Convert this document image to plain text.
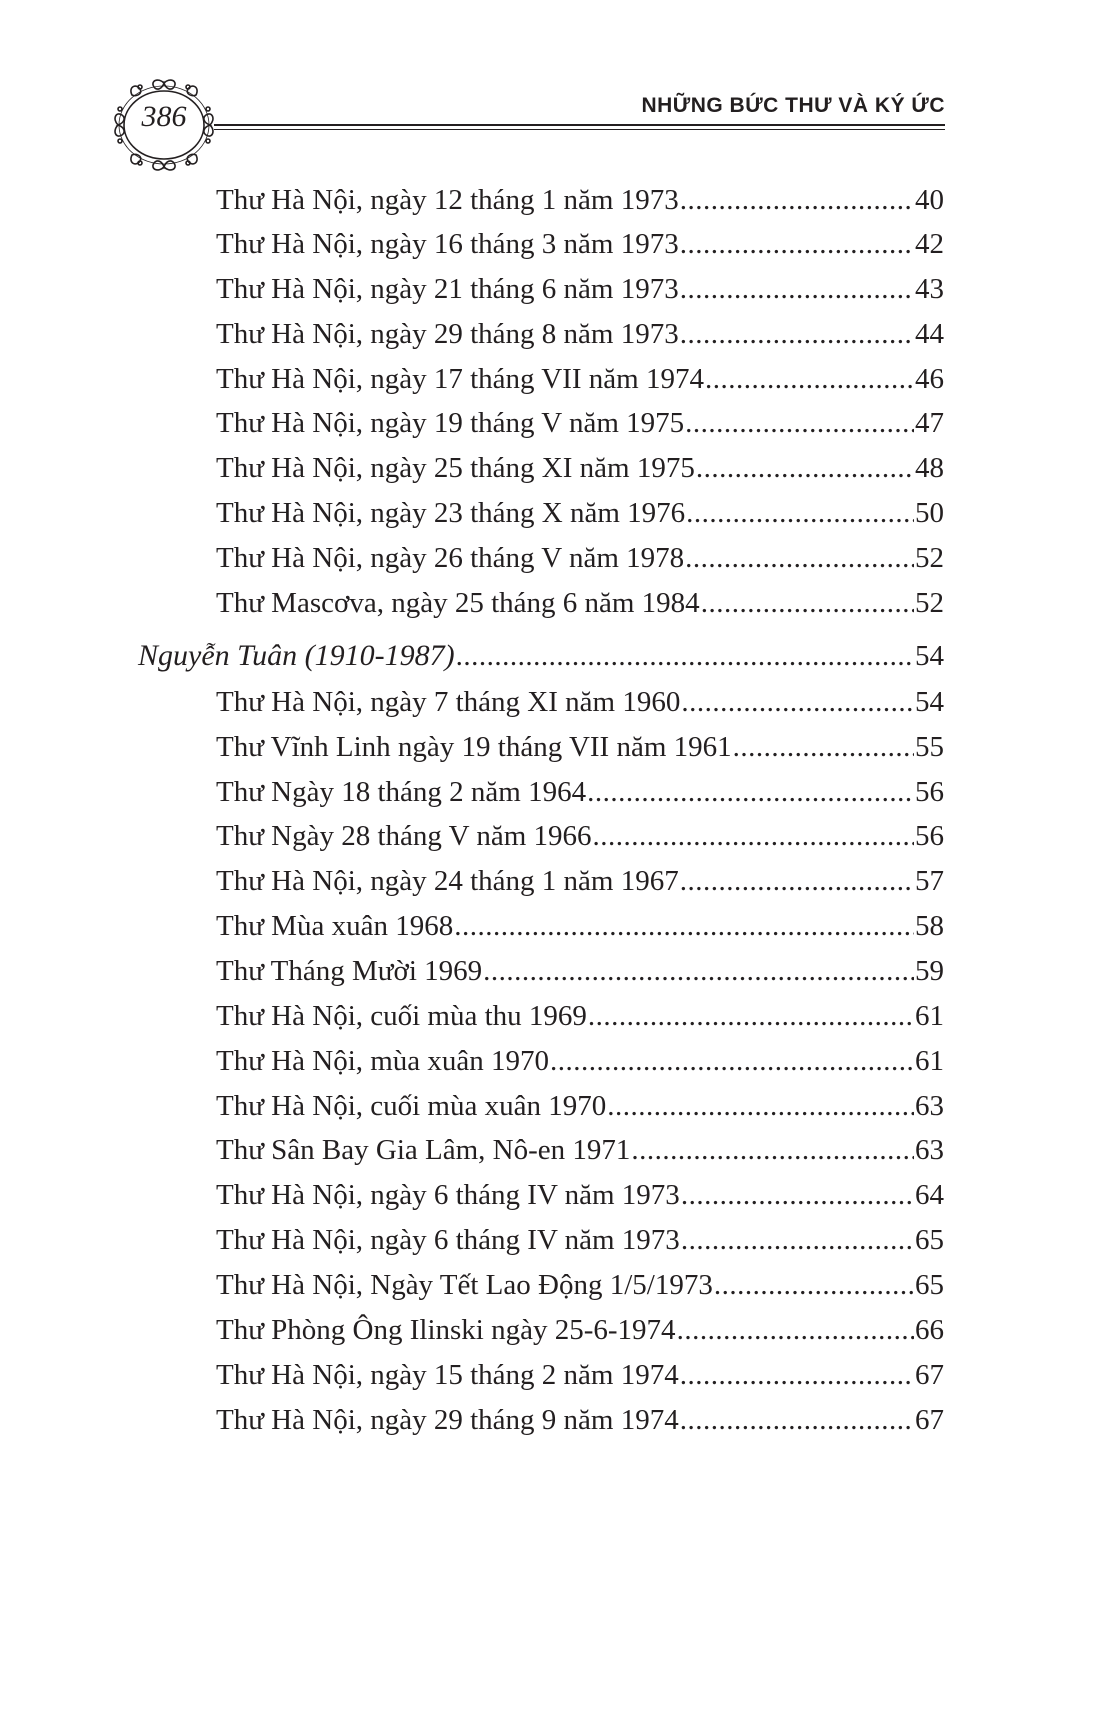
386	NHỮNG BỨC THƯ VÀ KÝ ỨC
Thư Hà Nội, ngày 12 tháng 1 năm 1973 .....	40
Thư Hà Nội, ngày 16 tháng 3 năm 1973 .....	42
Thư Hà Nội, ngày 21 tháng 6 năm 1973 .....	43
Thư Hà Nội, ngày 29 tháng 8 năm 1973 .....	44
Thư Hà Nội, ngày 17 tháng VII năm 1974 .....	46
Thư Hà Nội, ngày 19 tháng V năm 1975 .....	47
Thư Hà Nội, ngày 25 tháng XI năm 1975 .....	48
Thư Hà Nội, ngày 23 tháng X năm 1976 .....	50
Thư Hà Nội, ngày 26 tháng V năm 1978 .....	52
Thư Mascơva, ngày 25 tháng 6 năm 1984 .....	52
Nguyễn Tuân (1910-1987) .....	54
Thư Hà Nội, ngày 7 tháng XI năm 1960 .....	54
Thư Vĩnh Linh ngày 19 tháng VII năm 1961 .....	55
Thư Ngày 18 tháng 2 năm 1964 .....	56
Thư Ngày 28 tháng V năm 1966 .....	56
Thư Hà Nội, ngày 24 tháng 1 năm 1967 .....	57
Thư Mùa xuân 1968 .....	58
Thư Tháng Mười 1969 .....	59
Thư Hà Nội, cuối mùa thu 1969 .....	61
Thư Hà Nội, mùa xuân 1970 .....	61
Thư Hà Nội, cuối mùa xuân 1970 .....	63
Thư Sân Bay Gia Lâm, Nô-en 1971 .....	63
Thư Hà Nội, ngày 6 tháng IV năm 1973 .....	64
Thư Hà Nội, ngày 6 tháng IV năm 1973 .....	65
Thư Hà Nội, Ngày Tết Lao Động 1/5/1973 .....	65
Thư Phòng Ông Ilinski ngày 25-6-1974 .....	66
Thư Hà Nội, ngày 15 tháng 2 năm 1974 .....	67
Thư Hà Nội, ngày 29 tháng 9 năm 1974 .....	67
